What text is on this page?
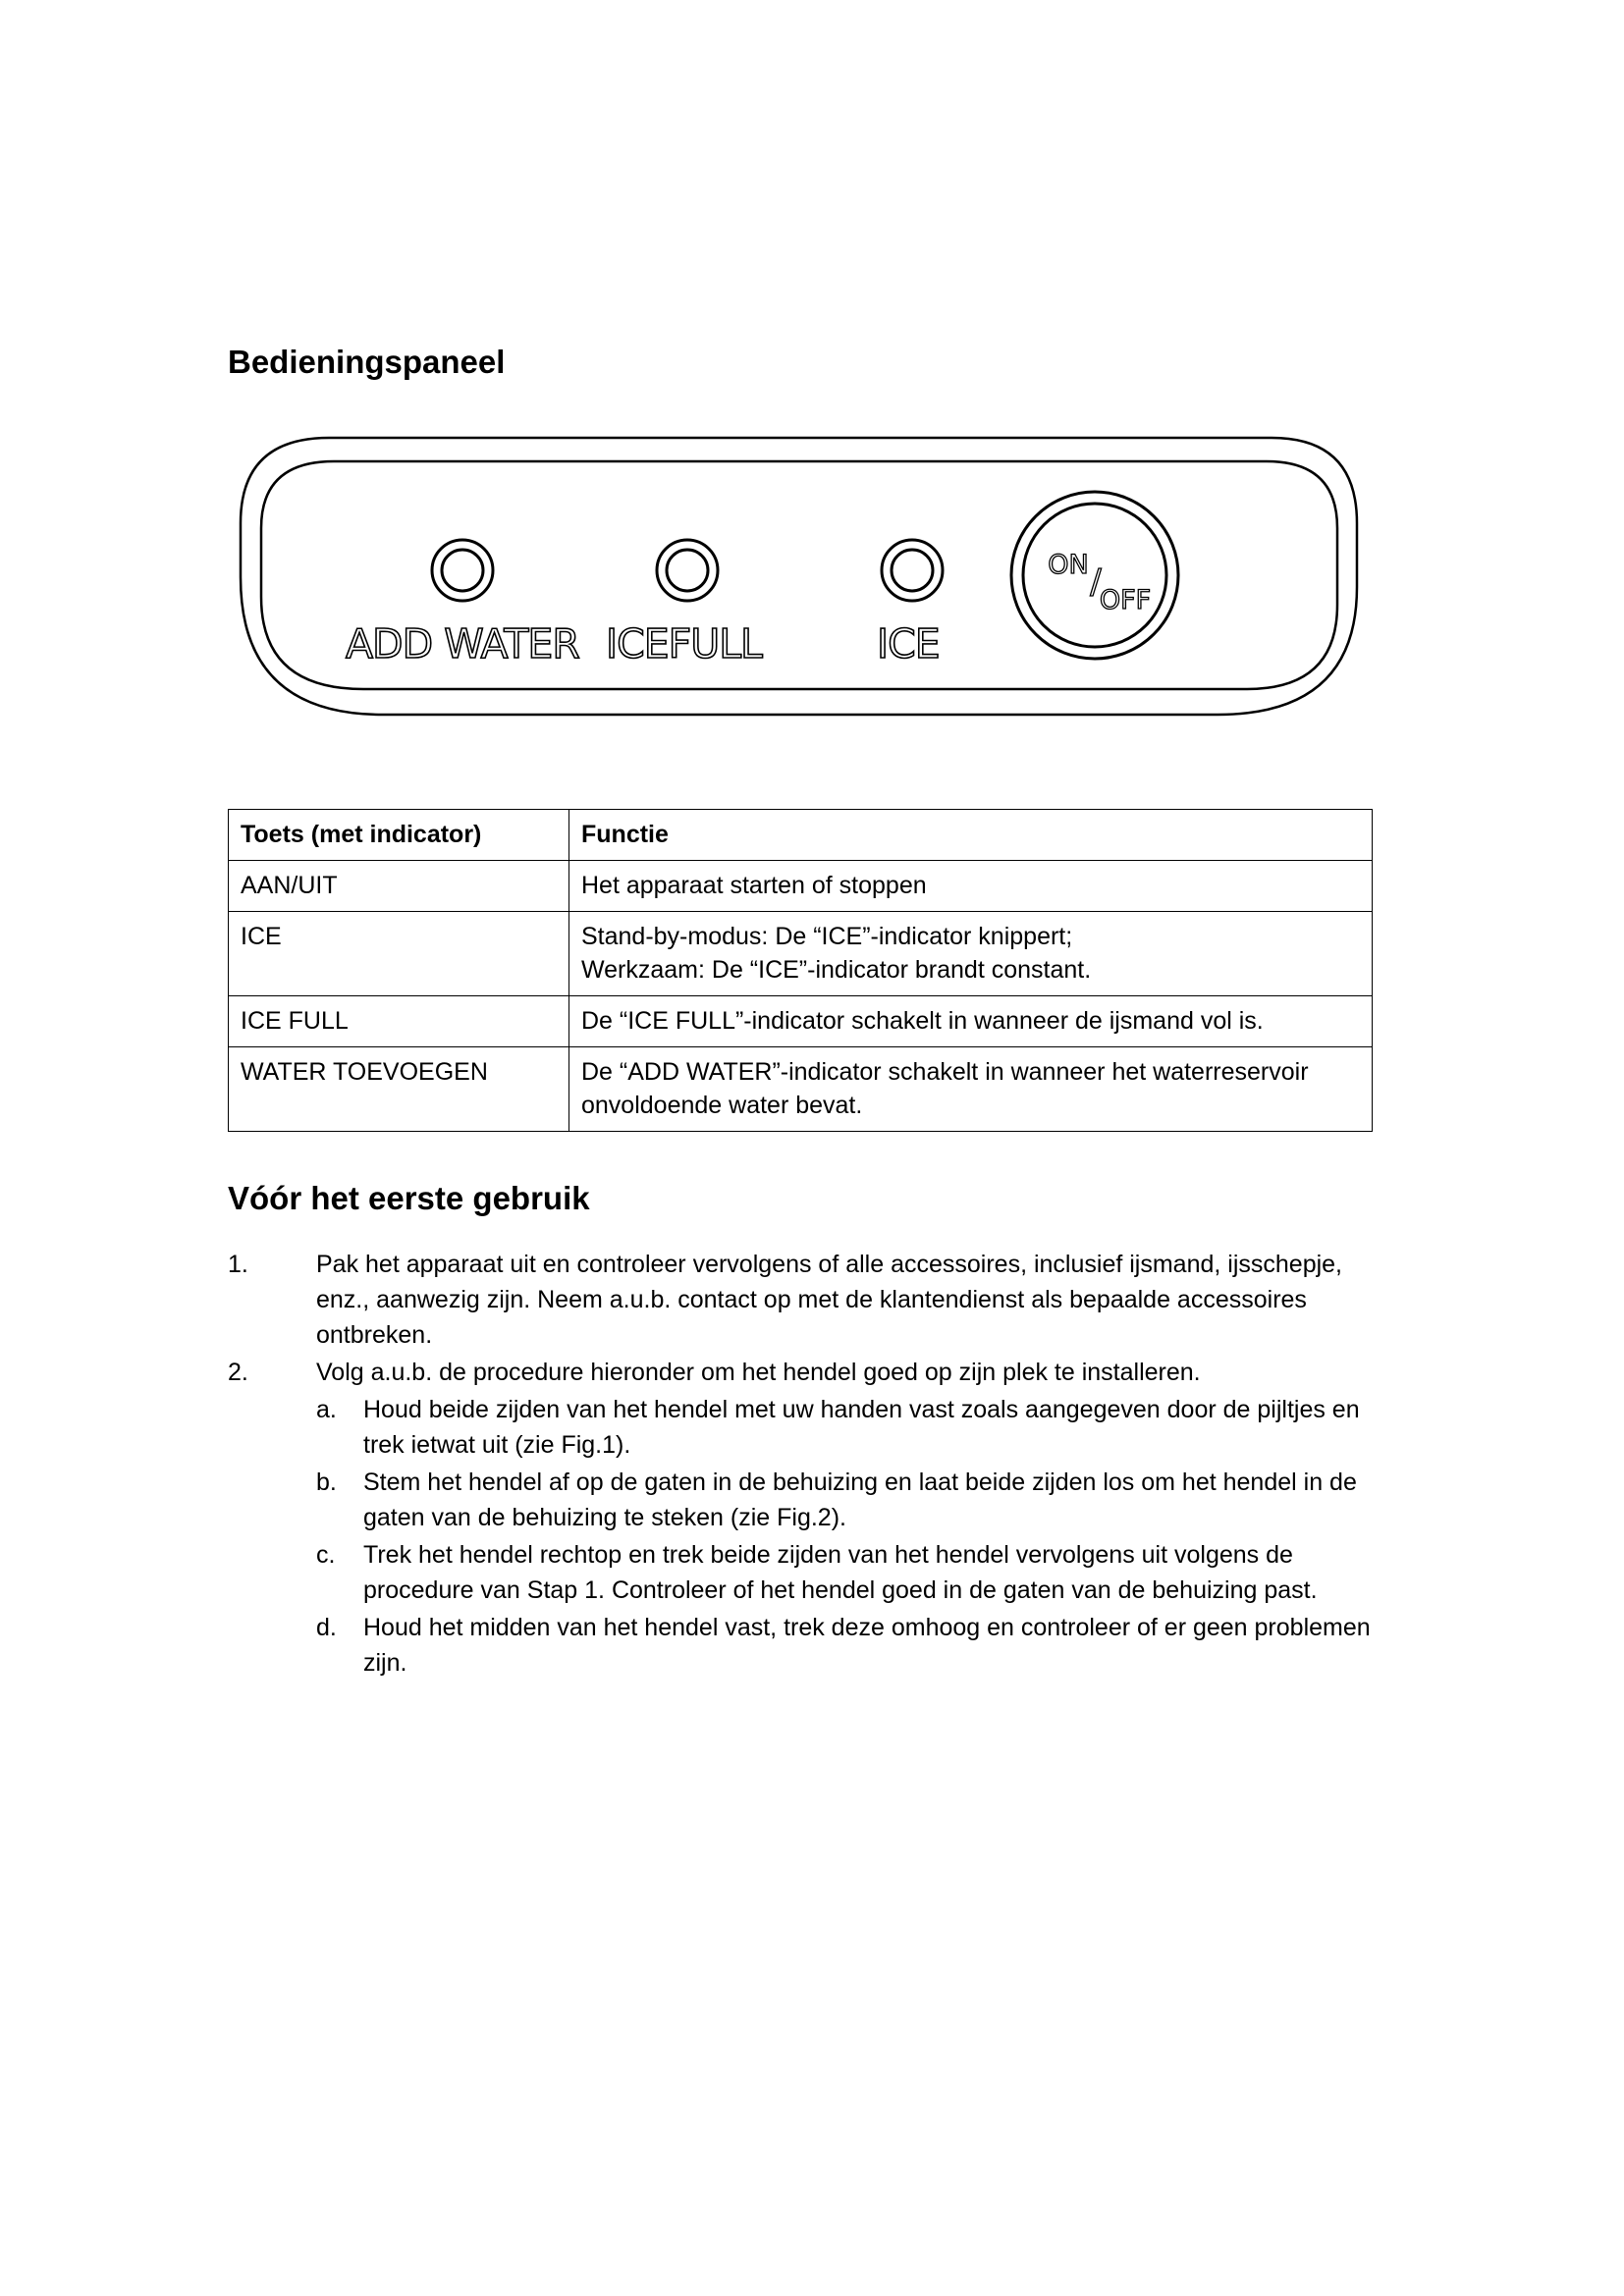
Bedieningspaneel
ON /
OFF
ADD WATER ICEFULL	ICE
Toets (met indicator)	Functie
AAN/UIT	Het apparaat starten of stoppen

ICE	Stand-by-modus: De “ICE”-indicator knippert;
Werkzaam: De “ICE”-indicator brandt constant.

ICE FULL	De “ICE FULL”-indicator schakelt in wanneer de ijsmand vol is.

WATER TOEVOEGEN	De “ADD WATER”-indicator schakelt in wanneer het waterreservoir onvoldoende water bevat.
Vóór het eerste gebruik
1.	Pak het apparaat uit en controleer vervolgens of alle accessoires, inclusief ijsmand, ijsschepje, enz., aanwezig zijn. Neem a.u.b. contact op met de klantendienst als bepaalde accessoires ontbreken.
2.	Volg a.u.b. de procedure hieronder om het hendel goed op zijn plek te installeren.
a. Houd beide zijden van het hendel met uw handen vast zoals aangegeven door de pijltjes en trek ietwat uit (zie Fig.1).
b. Stem het hendel af op de gaten in de behuizing en laat beide zijden los om het hendel in de gaten van de behuizing te steken (zie Fig.2).
c. Trek het hendel rechtop en trek beide zijden van het hendel vervolgens uit volgens de procedure van Stap 1. Controleer of het hendel goed in de gaten van de behuizing past.
d. Houd het midden van het hendel vast, trek deze omhoog en controleer of er geen problemen zijn.
